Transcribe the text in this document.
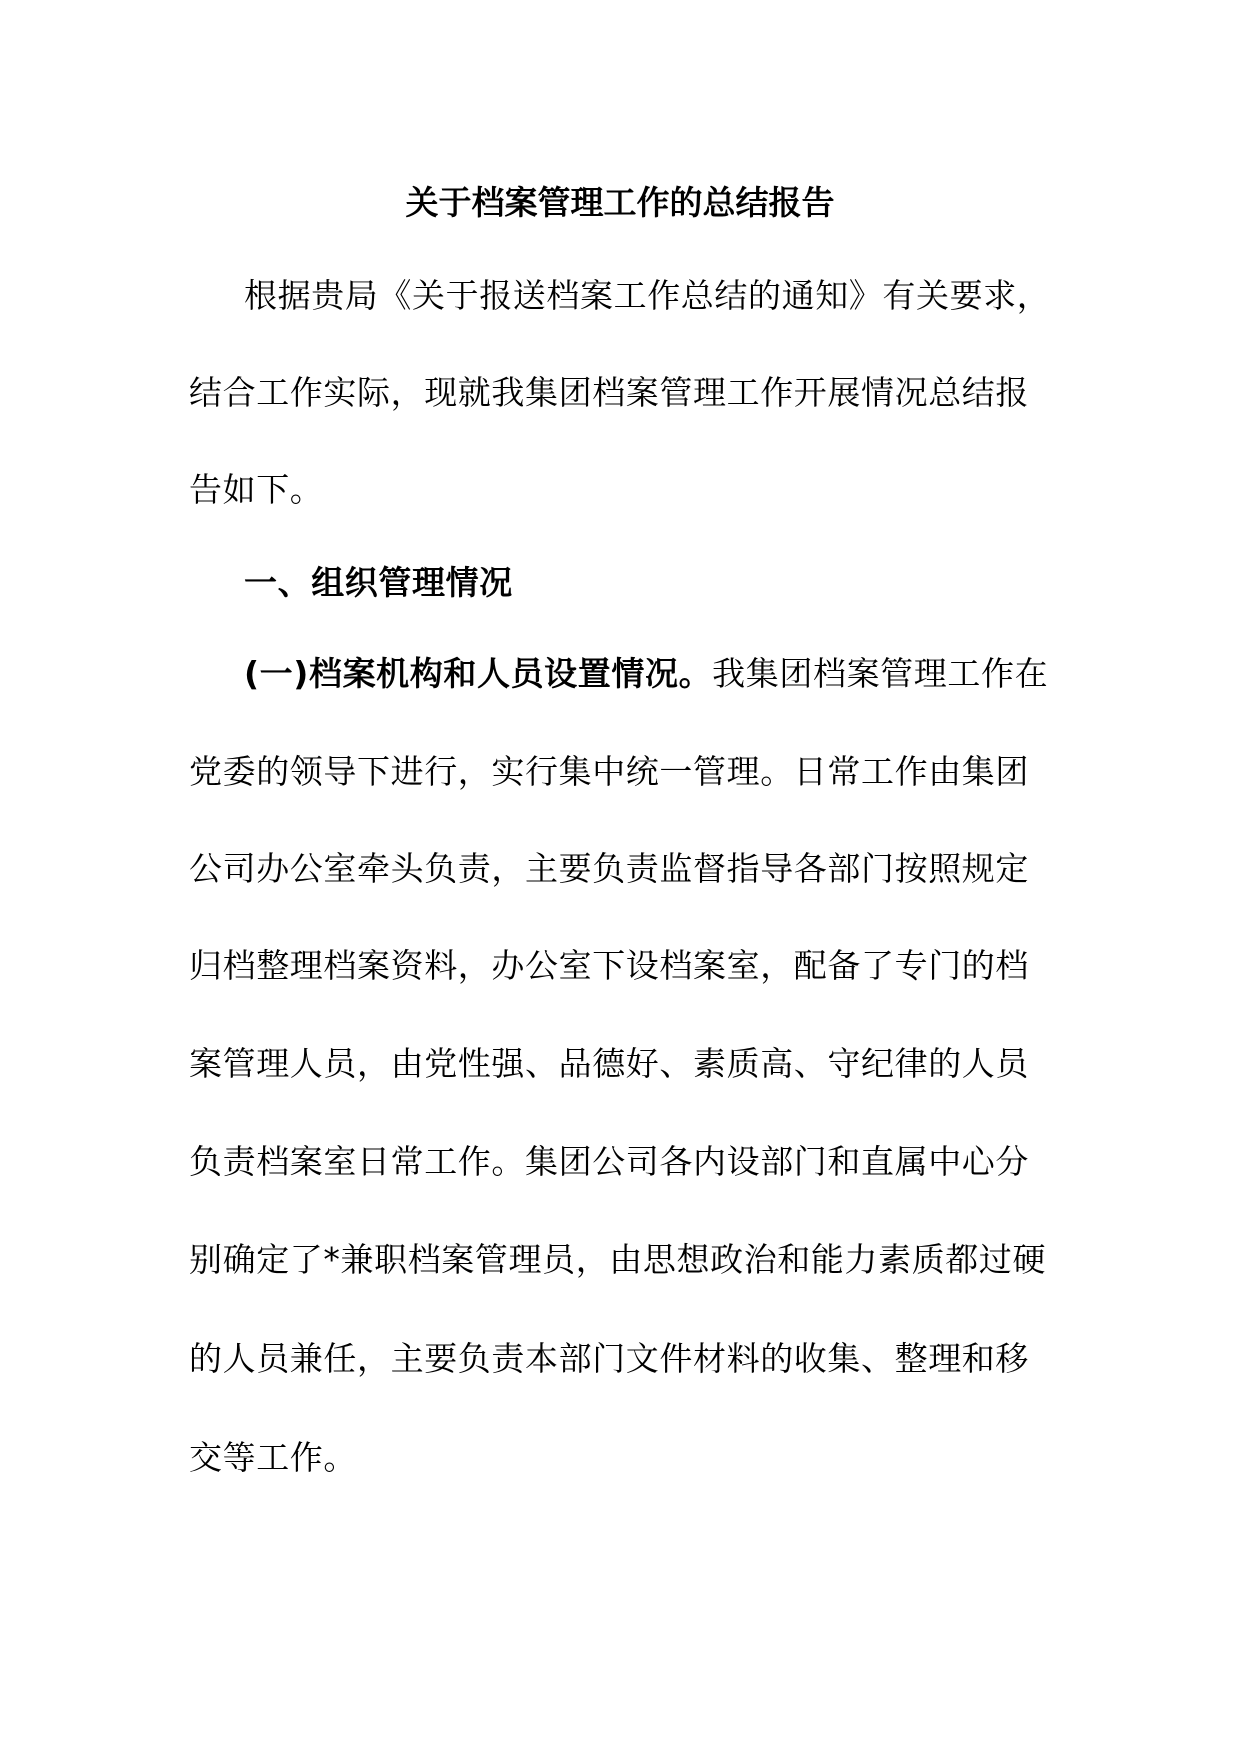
关于档案管理工作的总结报告
根据贵局《关于报送档案工作总结的通知》有关要求，
结合工作实际，现就我集团档案管理工作开展情况总结报
告如下。
一、组织管理情况
(一)档案机构和人员设置情况。我集团档案管理工作在
党委的领导下进行，实行集中统一管理。日常工作由集团
公司办公室牵头负责，主要负责监督指导各部门按照规定
归档整理档案资料，办公室下设档案室，配备了专门的档
案管理人员，由党性强、品德好、素质高、守纪律的人员
负责档案室日常工作。集团公司各内设部门和直属中心分
别确定了*兼职档案管理员，由思想政治和能力素质都过硬
的人员兼任，主要负责本部门文件材料的收集、整理和移
交等工作。
